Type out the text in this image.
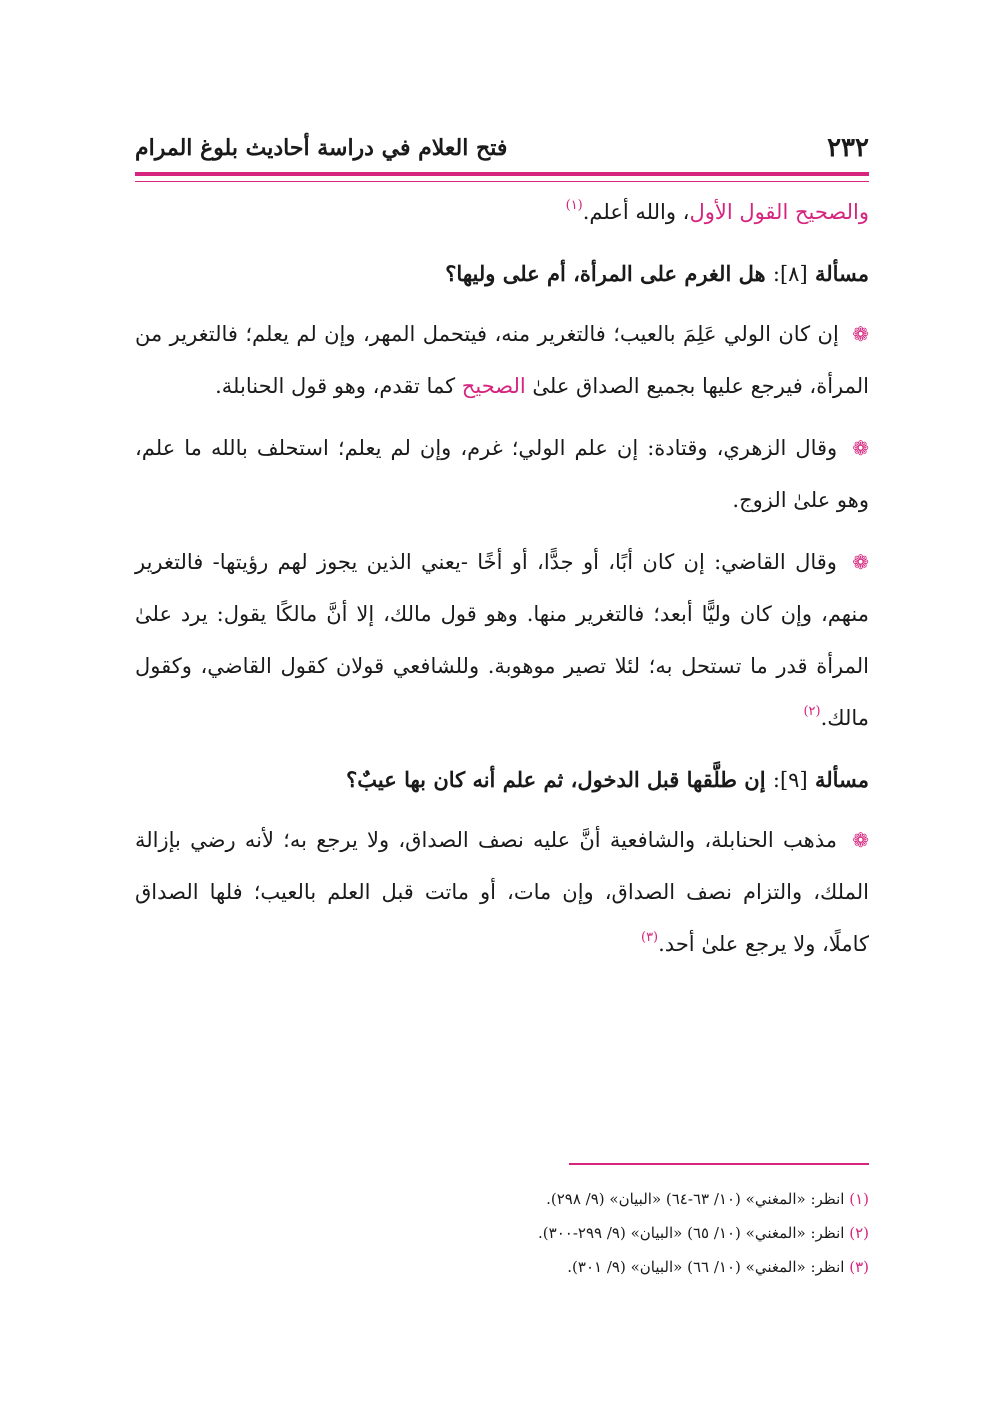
٢٣٢
فتح العلام في دراسة أحاديث بلوغ المرام

والصحيح القول الأول، والله أعلم.$^{(١)}$

مسألة [٨]: هل الغرم على المرأة، أم على وليها؟

❁ إن كان الولي عَلِمَ بالعيب؛ فالتغرير منه، فيتحمل المهر، وإن لم يعلم؛ فالتغرير من المرأة، فيرجع عليها بجميع الصداق علىٰ الصحيح كما تقدم، وهو قول الحنابلة.

❁ وقال الزهري، وقتادة: إن علم الولي؛ غرم، وإن لم يعلم؛ استحلف بالله ما علم، وهو علىٰ الزوج.

❁ وقال القاضي: إن كان أبًا، أو جدًّا، أو أخًا -يعني الذين يجوز لهم رؤيتها- فالتغرير منهم، وإن كان وليًّا أبعد؛ فالتغرير منها. وهو قول مالك، إلا أنَّ مالكًا يقول: يرد علىٰ المرأة قدر ما تستحل به؛ لئلا تصير موهوبة. وللشافعي قولان كقول القاضي، وكقول مالك.$^{(٢)}$

مسألة [٩]: إن طلَّقها قبل الدخول، ثم علم أنه كان بها عيبٌ؟

❁ مذهب الحنابلة، والشافعية أنَّ عليه نصف الصداق، ولا يرجع به؛ لأنه رضي بإزالة الملك، والتزام نصف الصداق، وإن مات، أو ماتت قبل العلم بالعيب؛ فلها الصداق كاملًا، ولا يرجع علىٰ أحد.$^{(٣)}$

(١) انظر: «المغني» (١٠/ ٦٣-٦٤) «البيان» (٩/ ٢٩٨).

(٢) انظر: «المغني» (١٠/ ٦٥) «البيان» (٩/ ٢٩٩-٣٠٠).

(٣) انظر: «المغني» (١٠/ ٦٦) «البيان» (٩/ ٣٠١).
